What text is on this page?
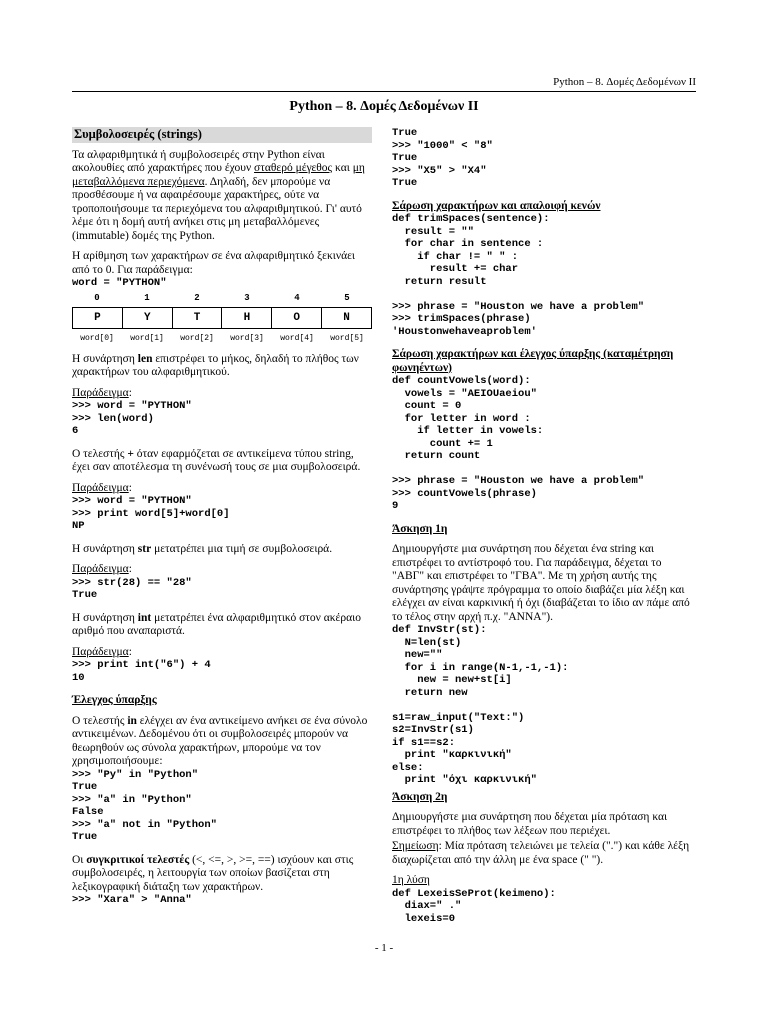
Python – 8. Δομές Δεδομένων ΙΙ
Python – 8. Δομές Δεδομένων ΙΙ
Συμβολοσειρές (strings)

Τα αλφαριθμητικά ή συμβολοσειρές στην Python είναι ακολουθίες από χαρακτήρες που έχουν σταθερό μέγεθος και μη μεταβαλλόμενα περιεχόμενα. Δηλαδή, δεν μπορούμε να προσθέσουμε ή να αφαιρέσουμε χαρακτήρες, ούτε να τροποποιήσουμε τα περιεχόμενα του αλφαριθμητικού. Γι' αυτό λέμε ότι η δομή αυτή ανήκει στις μη μεταβαλλόμενες (immutable) δομές της Python.

Η αρίθμηση των χαρακτήρων σε ένα αλφαριθμητικό ξεκινάει από το 0. Για παράδειγμα:

word = "PYTHON"
0	1	2	3	4	5
P	Y	T	H	O	N
word[0]	word[1]	word[2]	word[3]	word[4]	word[5]

Η συνάρτηση len επιστρέφει το μήκος, δηλαδή το πλήθος των χαρακτήρων του αλφαριθμητικού.

Παράδειγμα:
>>> word = "PYTHON"
>>> len(word)
6

Ο τελεστής + όταν εφαρμόζεται σε αντικείμενα τύπου string, έχει σαν αποτέλεσμα τη συνένωσή τους σε μια συμβολοσειρά.

Παράδειγμα:
>>> word = "PYTHON"
>>> print word[5]+word[0]
NP

Η συνάρτηση str μετατρέπει μια τιμή σε συμβολοσειρά.

Παράδειγμα:
>>> str(28) == "28"
True

Η συνάρτηση int μετατρέπει ένα αλφαριθμητικό στον ακέραιο αριθμό που αναπαριστά.

Παράδειγμα:
>>> print int("6") + 4
10

Έλεγχος ύπαρξης

Ο τελεστής in ελέγχει αν ένα αντικείμενο ανήκει σε ένα σύνολο αντικειμένων. Δεδομένου ότι οι συμβολοσειρές μπορούν να θεωρηθούν ως σύνολα χαρακτήρων, μπορούμε να τον χρησιμοποιήσουμε:

>>> "Py" in "Python"
True
>>> "a" in "Python"
False
>>> "a" not in "Python"
True

Οι συγκριτικοί τελεστές (<, <=, >, >=, ==) ισχύουν και στις συμβολοσειρές, η λειτουργία των οποίων βασίζεται στη λεξικογραφική διάταξη των χαρακτήρων.

>>> "Xara" > "Anna"
True
>>> "1000" < "8"
True
>>> "X5" > "X4"
True

Σάρωση χαρακτήρων και απαλοιφή κενών

def trimSpaces(sentence):
result = ""
for char in sentence :
if char != " " :
result += char
return result

>>> phrase = "Houston we have a problem"
>>> trimSpaces(phrase)
'Houstonwehaveaproblem'

Σάρωση χαρακτήρων και έλεγχος ύπαρξης (καταμέτρηση φωνηέντων)

def countVowels(word):
vowels = "AEIOUaeiou"
count = 0
for letter in word :
if letter in vowels:
count += 1
return count

>>> phrase = "Houston we have a problem"
>>> countVowels(phrase)
9

Άσκηση 1η

Δημιουργήστε μια συνάρτηση που δέχεται ένα string και επιστρέφει το αντίστροφό του. Για παράδειγμα, δέχεται το "ΑΒΓ" και επιστρέφει το "ΓΒΑ". Με τη χρήση αυτής της συνάρτησης γράψτε πρόγραμμα το οποίο διαβάζει μία λέξη και ελέγχει αν είναι καρκινική ή όχι (διαβάζεται το ίδιο αν πάμε από το τέλος στην αρχή π.χ. "ANNA").

def InvStr(st):
N=len(st)
new=""
for i in range(N-1,-1,-1):
new = new+st[i]
return new

s1=raw_input("Text:")
s2=InvStr(s1)
if s1==s2:
print "καρκινική"
else:
print "όχι καρκινική"

Άσκηση 2η

Δημιουργήστε μια συνάρτηση που δέχεται μία πρόταση και επιστρέφει το πλήθος των λέξεων που περιέχει.

Σημείωση: Μία πρόταση τελειώνει με τελεία (".") και κάθε λέξη διαχωρίζεται από την άλλη με ένα space (" ").

1η λύση
def LexeisSeProt(keimeno):
diax=" ."
lexeis=0
- 1 -
